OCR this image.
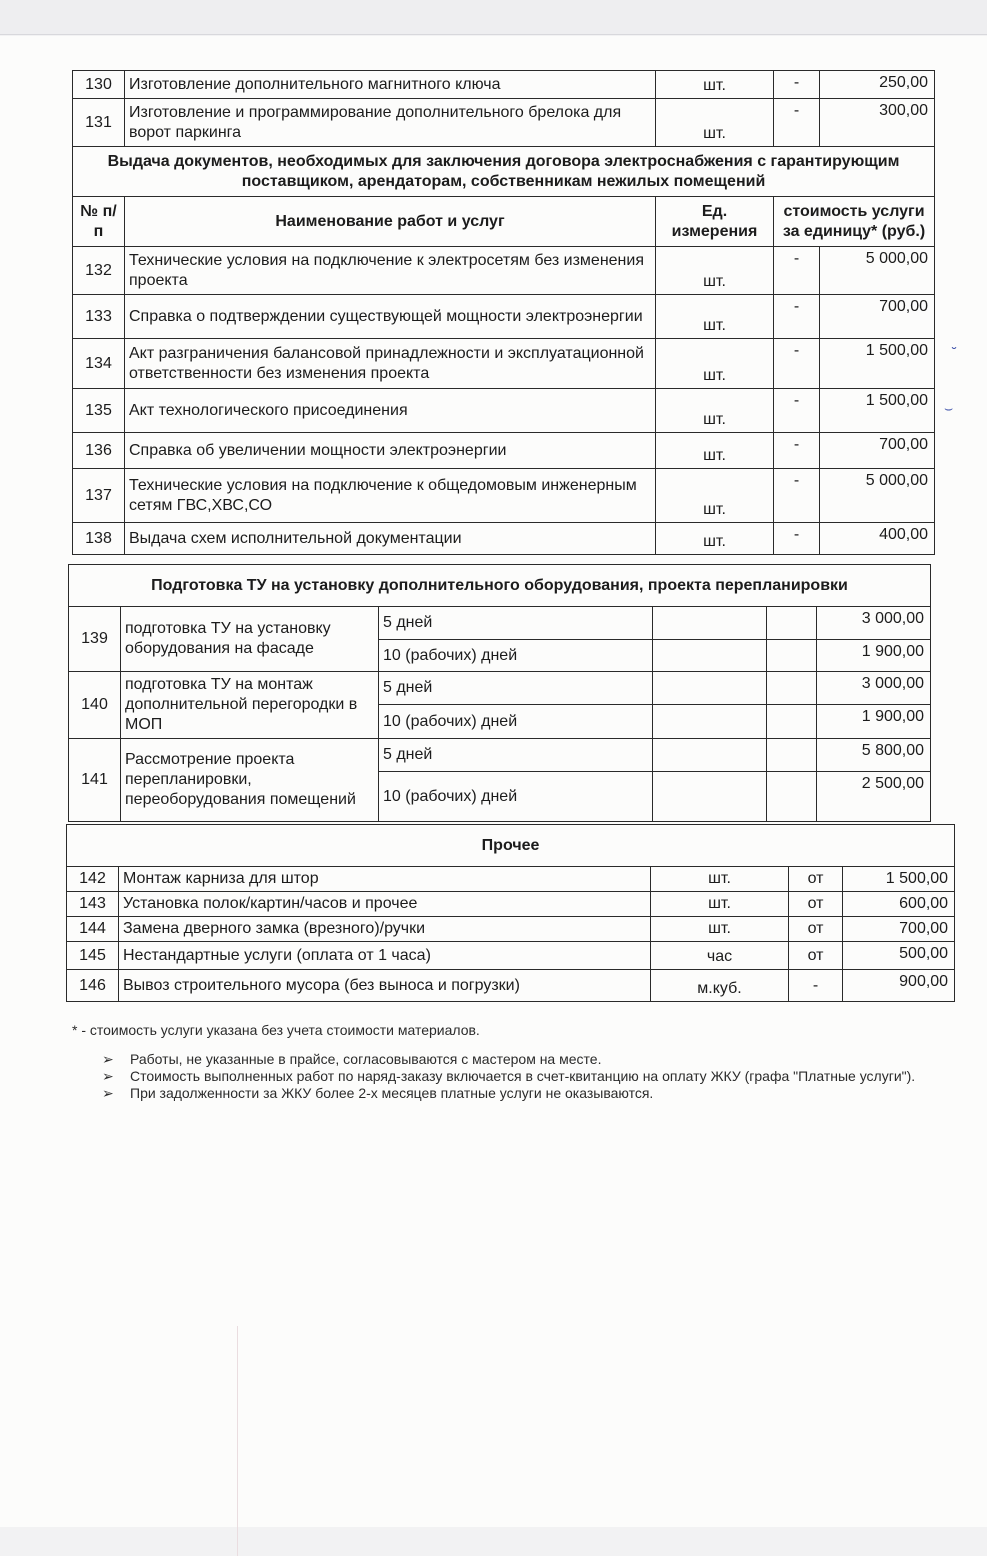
130	Изготовление дополнительного магнитного ключа	шт.	-	250,00
131	Изготовление и программирование дополнительного брелока для ворот паркинга	шт.	-	300,00
Выдача документов, необходимых для заключения договора электроснабжения с гарантирующим поставщиком, арендаторам, собственникам нежилых помещений				
№ п/п	Наименование работ и услуг	Ед. измерения	стоимость услуги за единицу* (руб.)	
132	Технические условия на подключение к электросетям без изменения проекта	шт.	-	5 000,00
133	Справка о подтверждении существующей мощности электроэнергии	шт.	-	700,00
134	Акт разграничения балансовой принадлежности и эксплуатационной ответственности без изменения проекта	шт.	-	1 500,00
135	Акт технологического присоединения	шт.	-	1 500,00
136	Справка об увеличении мощности электроэнергии	шт.	-	700,00
137	Технические условия на подключение к общедомовым инженерным сетям ГВС,ХВС,СО	шт.	-	5 000,00
138	Выдача схем исполнительной документации	шт.	-	400,00
Подготовка ТУ на установку дополнительного оборудования, проекта перепланировки					
139	подготовка ТУ на установку оборудования на фасаде	5 дней			3 000,00
		10 (рабочих) дней			1 900,00
140	подготовка ТУ на монтаж дополнительной перегородки в МОП	5 дней			3 000,00
		10 (рабочих) дней			1 900,00
141	Рассмотрение проекта перепланировки, переоборудования помещений	5 дней			5 800,00
		10 (рабочих) дней			2 500,00
Прочее				
142	Монтаж карниза для штор	шт.	от	1 500,00
143	Установка полок/картин/часов и прочее	шт.	от	600,00
144	Замена дверного замка (врезного)/ручки	шт.	от	700,00
145	Нестандартные услуги (оплата от 1 часа)	час	от	500,00
146	Вывоз строительного мусора (без выноса и погрузки)	м.куб.	-	900,00
˘
⌣
* - стоимость услуги указана без учета стоимости материалов.
➢ Работы, не указанные в прайсе, согласовываются с мастером на месте.
➢ Стоимость выполненных работ по наряд-заказу включается в счет-квитанцию на оплату ЖКУ (графа "Платные услуги").
➢ При задолженности за ЖКУ более 2-х месяцев платные услуги не оказываются.
